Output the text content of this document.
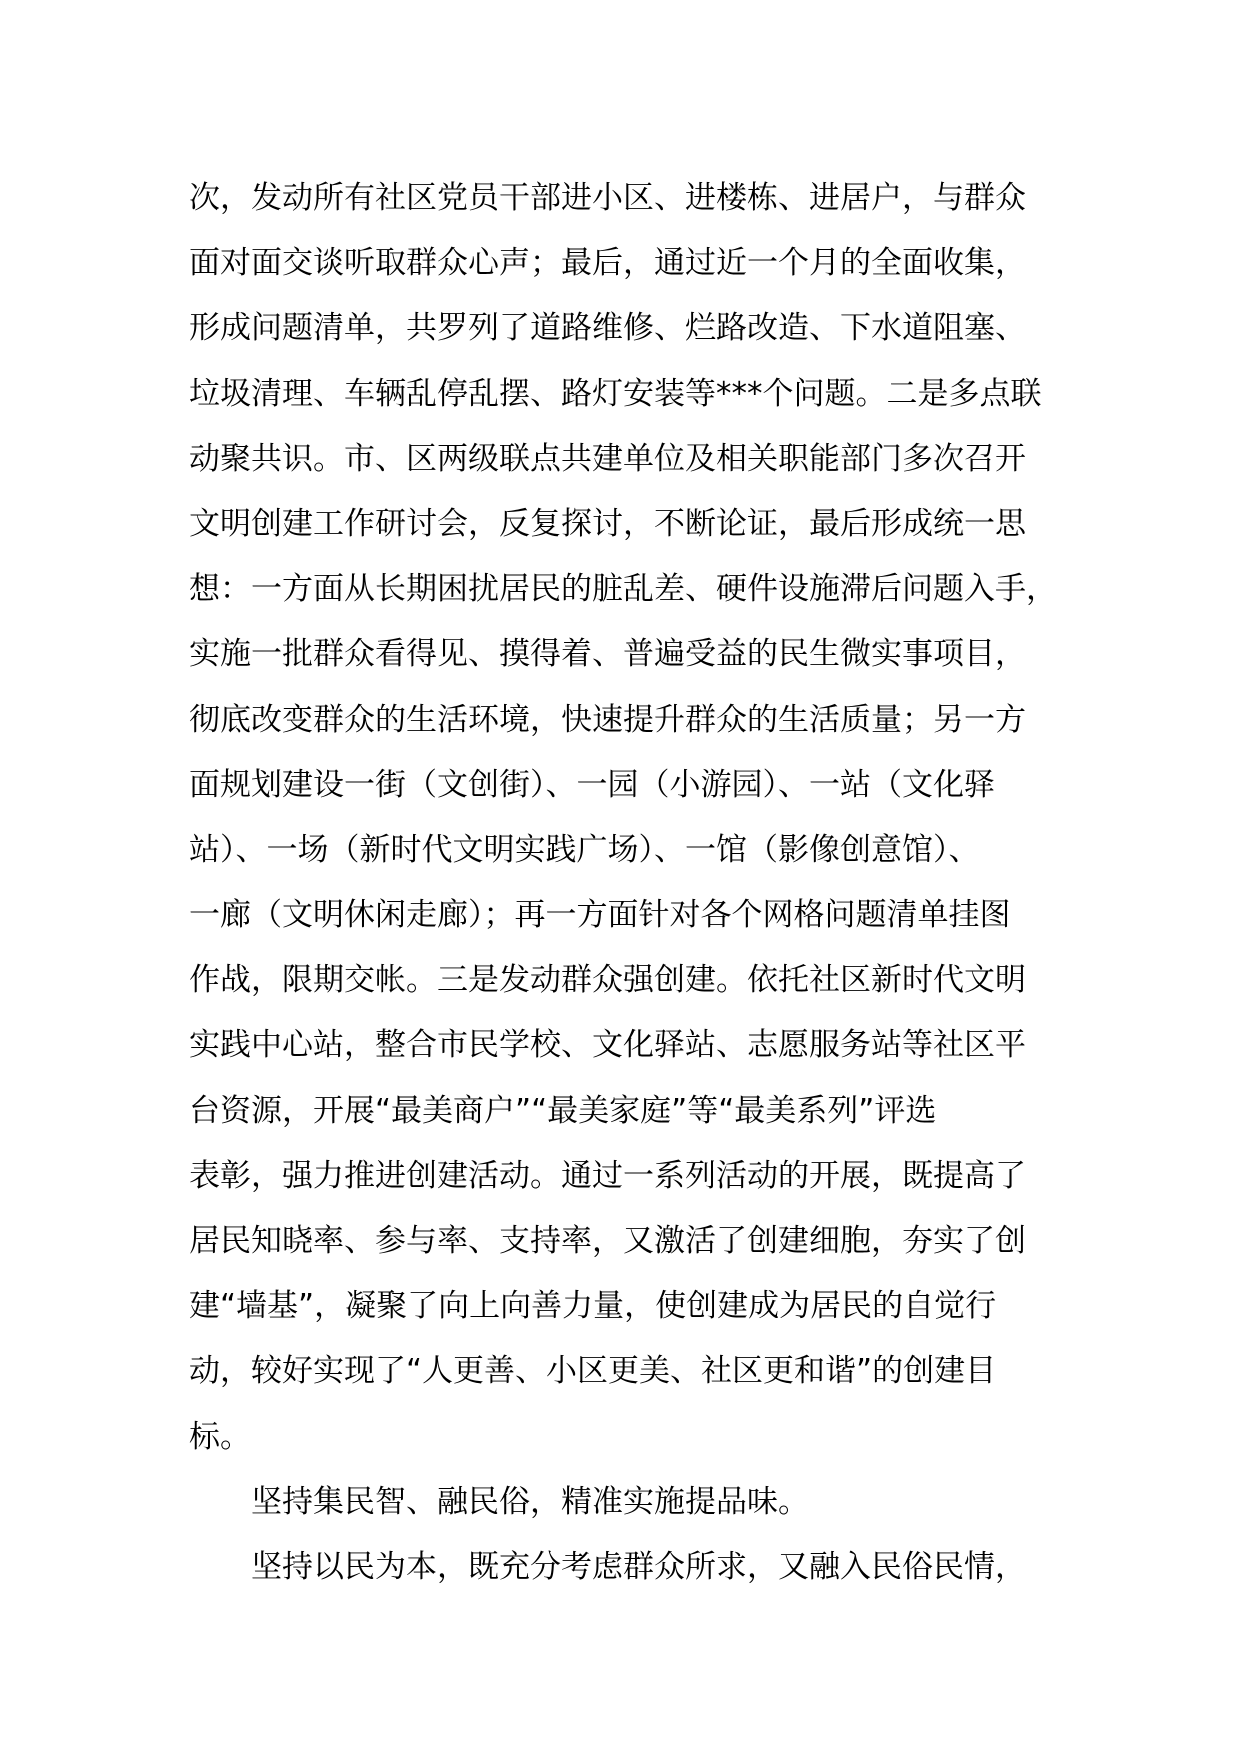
次，发动所有社区党员干部进小区、进楼栋、进居户，与群众
面对面交谈听取群众心声；最后，通过近一个月的全面收集，
形成问题清单，共罗列了道路维修、烂路改造、下水道阻塞、
垃圾清理、车辆乱停乱摆、路灯安装等***个问题。二是多点联
动聚共识。市、区两级联点共建单位及相关职能部门多次召开
文明创建工作研讨会，反复探讨，不断论证，最后形成统一思
想：一方面从长期困扰居民的脏乱差、硬件设施滞后问题入手，
实施一批群众看得见、摸得着、普遍受益的民生微实事项目，
彻底改变群众的生活环境，快速提升群众的生活质量；另一方
面规划建设一街（文创街）、一园（小游园）、一站（文化驿
站）、一场（新时代文明实践广场）、一馆（影像创意馆）、
一廊（文明休闲走廊）；再一方面针对各个网格问题清单挂图
作战，限期交帐。三是发动群众强创建。依托社区新时代文明
实践中心站，整合市民学校、文化驿站、志愿服务站等社区平
台资源，开展“最美商户”“最美家庭”等“最美系列”评选
表彰，强力推进创建活动。通过一系列活动的开展，既提高了
居民知晓率、参与率、支持率，又激活了创建细胞，夯实了创
建“墙基”，凝聚了向上向善力量，使创建成为居民的自觉行
动，较好实现了“人更善、小区更美、社区更和谐”的创建目
标。
坚持集民智、融民俗，精准实施提品味。
坚持以民为本，既充分考虑群众所求，又融入民俗民情，
